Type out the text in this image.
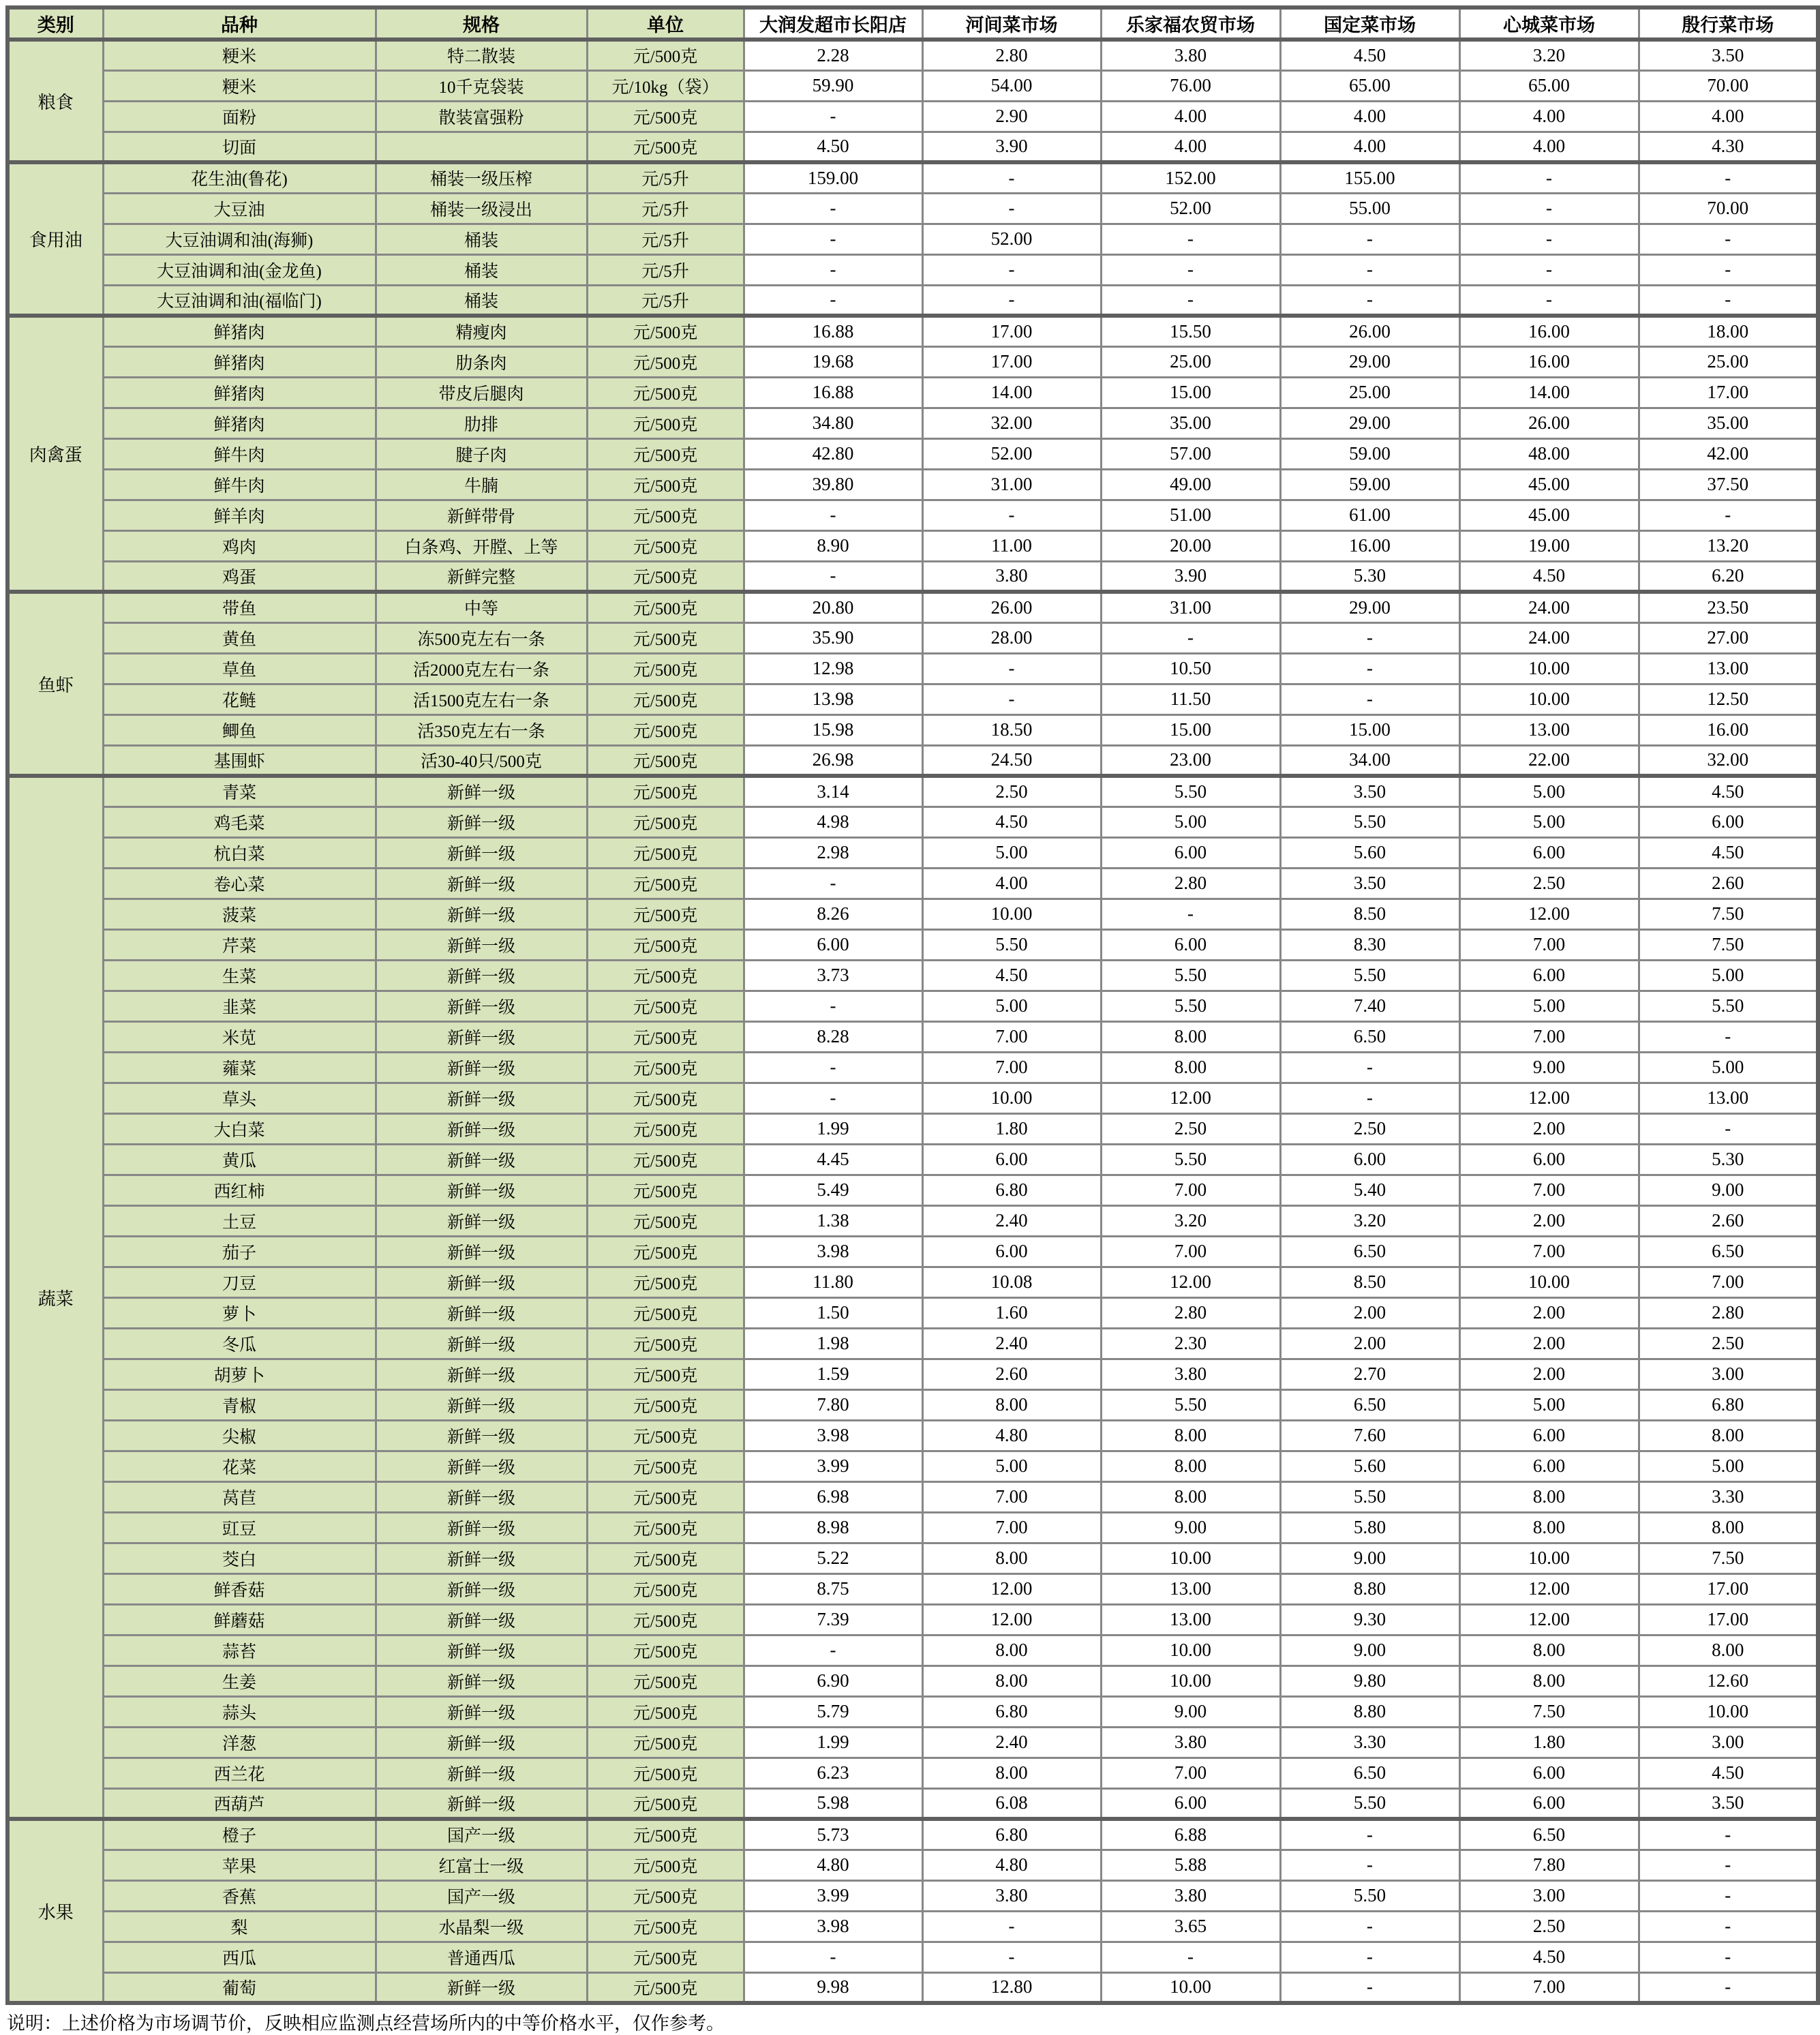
类别	品种	规格	单位	大润发超市长阳店	河间菜市场	乐家福农贸市场	国定菜市场	心城菜市场	殷行菜市场
粮食	粳米	特二散装	元/500克	2.28	2.80	3.80	4.50	3.20	3.50
	粳米	10千克袋装	元/10kg（袋）	59.90	54.00	76.00	65.00	65.00	70.00
	面粉	散装富强粉	元/500克	-	2.90	4.00	4.00	4.00	4.00
	切面		元/500克	4.50	3.90	4.00	4.00	4.00	4.30
食用油	花生油(鲁花)	桶装一级压榨	元/5升	159.00	-	152.00	155.00	-	-
	大豆油	桶装一级浸出	元/5升	-	-	52.00	55.00	-	70.00
	大豆油调和油(海狮)	桶装	元/5升	-	52.00	-	-	-	-
	大豆油调和油(金龙鱼)	桶装	元/5升	-	-	-	-	-	-
	大豆油调和油(福临门)	桶装	元/5升	-	-	-	-	-	-
肉禽蛋	鲜猪肉	精瘦肉	元/500克	16.88	17.00	15.50	26.00	16.00	18.00
	鲜猪肉	肋条肉	元/500克	19.68	17.00	25.00	29.00	16.00	25.00
	鲜猪肉	带皮后腿肉	元/500克	16.88	14.00	15.00	25.00	14.00	17.00
	鲜猪肉	肋排	元/500克	34.80	32.00	35.00	29.00	26.00	35.00
	鲜牛肉	腱子肉	元/500克	42.80	52.00	57.00	59.00	48.00	42.00
	鲜牛肉	牛腩	元/500克	39.80	31.00	49.00	59.00	45.00	37.50
	鲜羊肉	新鲜带骨	元/500克	-	-	51.00	61.00	45.00	-
	鸡肉	白条鸡、开膛、上等	元/500克	8.90	11.00	20.00	16.00	19.00	13.20
	鸡蛋	新鲜完整	元/500克	-	3.80	3.90	5.30	4.50	6.20
鱼虾	带鱼	中等	元/500克	20.80	26.00	31.00	29.00	24.00	23.50
	黄鱼	冻500克左右一条	元/500克	35.90	28.00	-	-	24.00	27.00
	草鱼	活2000克左右一条	元/500克	12.98	-	10.50	-	10.00	13.00
	花鲢	活1500克左右一条	元/500克	13.98	-	11.50	-	10.00	12.50
	鲫鱼	活350克左右一条	元/500克	15.98	18.50	15.00	15.00	13.00	16.00
	基围虾	活30-40只/500克	元/500克	26.98	24.50	23.00	34.00	22.00	32.00
蔬菜	青菜	新鲜一级	元/500克	3.14	2.50	5.50	3.50	5.00	4.50
	鸡毛菜	新鲜一级	元/500克	4.98	4.50	5.00	5.50	5.00	6.00
	杭白菜	新鲜一级	元/500克	2.98	5.00	6.00	5.60	6.00	4.50
	卷心菜	新鲜一级	元/500克	-	4.00	2.80	3.50	2.50	2.60
	菠菜	新鲜一级	元/500克	8.26	10.00	-	8.50	12.00	7.50
	芹菜	新鲜一级	元/500克	6.00	5.50	6.00	8.30	7.00	7.50
	生菜	新鲜一级	元/500克	3.73	4.50	5.50	5.50	6.00	5.00
	韭菜	新鲜一级	元/500克	-	5.00	5.50	7.40	5.00	5.50
	米苋	新鲜一级	元/500克	8.28	7.00	8.00	6.50	7.00	-
	蕹菜	新鲜一级	元/500克	-	7.00	8.00	-	9.00	5.00
	草头	新鲜一级	元/500克	-	10.00	12.00	-	12.00	13.00
	大白菜	新鲜一级	元/500克	1.99	1.80	2.50	2.50	2.00	-
	黄瓜	新鲜一级	元/500克	4.45	6.00	5.50	6.00	6.00	5.30
	西红柿	新鲜一级	元/500克	5.49	6.80	7.00	5.40	7.00	9.00
	土豆	新鲜一级	元/500克	1.38	2.40	3.20	3.20	2.00	2.60
	茄子	新鲜一级	元/500克	3.98	6.00	7.00	6.50	7.00	6.50
	刀豆	新鲜一级	元/500克	11.80	10.08	12.00	8.50	10.00	7.00
	萝卜	新鲜一级	元/500克	1.50	1.60	2.80	2.00	2.00	2.80
	冬瓜	新鲜一级	元/500克	1.98	2.40	2.30	2.00	2.00	2.50
	胡萝卜	新鲜一级	元/500克	1.59	2.60	3.80	2.70	2.00	3.00
	青椒	新鲜一级	元/500克	7.80	8.00	5.50	6.50	5.00	6.80
	尖椒	新鲜一级	元/500克	3.98	4.80	8.00	7.60	6.00	8.00
	花菜	新鲜一级	元/500克	3.99	5.00	8.00	5.60	6.00	5.00
	莴苣	新鲜一级	元/500克	6.98	7.00	8.00	5.50	8.00	3.30
	豇豆	新鲜一级	元/500克	8.98	7.00	9.00	5.80	8.00	8.00
	茭白	新鲜一级	元/500克	5.22	8.00	10.00	9.00	10.00	7.50
	鲜香菇	新鲜一级	元/500克	8.75	12.00	13.00	8.80	12.00	17.00
	鲜蘑菇	新鲜一级	元/500克	7.39	12.00	13.00	9.30	12.00	17.00
	蒜苔	新鲜一级	元/500克	-	8.00	10.00	9.00	8.00	8.00
	生姜	新鲜一级	元/500克	6.90	8.00	10.00	9.80	8.00	12.60
	蒜头	新鲜一级	元/500克	5.79	6.80	9.00	8.80	7.50	10.00
	洋葱	新鲜一级	元/500克	1.99	2.40	3.80	3.30	1.80	3.00
	西兰花	新鲜一级	元/500克	6.23	8.00	7.00	6.50	6.00	4.50
	西葫芦	新鲜一级	元/500克	5.98	6.08	6.00	5.50	6.00	3.50
水果	橙子	国产一级	元/500克	5.73	6.80	6.88	-	6.50	-
	苹果	红富士一级	元/500克	4.80	4.80	5.88	-	7.80	-
	香蕉	国产一级	元/500克	3.99	3.80	3.80	5.50	3.00	-
	梨	水晶梨一级	元/500克	3.98	-	3.65	-	2.50	-
	西瓜	普通西瓜	元/500克	-	-	-	-	4.50	-
	葡萄	新鲜一级	元/500克	9.98	12.80	10.00	-	7.00	-
说明：上述价格为市场调节价，反映相应监测点经营场所内的中等价格水平，仅作参考。
